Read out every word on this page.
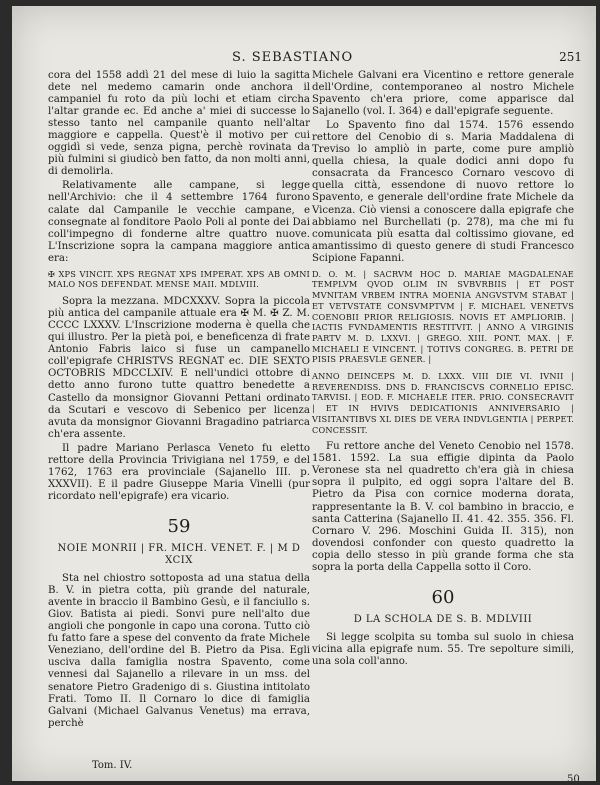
S. SEBASTIANO	251

cora del 1558 addì 21 del mese di luio la sagitta dete nel medemo camarin onde anchora il campaniel fu roto da più lochi et etiam circha l'altar grande ec. Ed anche a' miei di successe lo stesso tanto nel campanile quanto nell'altar maggiore e cappella. Quest'è il motivo per cui oggidì si vede, senza pigna, perchè rovinata da più fulmini si giudicò ben fatto, da non molti anni, di demolirla.

Relativamente alle campane, si legge nell'Archivio: che il 4 settembre 1764 furono calate dal Campanile le vecchie campane, e consegnate al fonditore Paolo Poli al ponte dei Dai coll'impegno di fonderne altre quattro nuove. L'Inscrizione sopra la campana maggiore antica era:

✠ XPS VINCIT. XPS REGNAT XPS IMPERAT. XPS AB OMNI MALO NOS DEFENDAT. MENSE MAII. MDLVIII.

Sopra la mezzana. MDCXXXV. Sopra la piccola più antica del campanile attuale era ✠ M. ✠ Z. M. CCCC LXXXV. L'Inscrizione moderna è quella che qui illustro. Per la pietà poi, e beneficenza di frate Antonio Fabris laico si fuse un campanello coll'epigrafe CHRISTVS REGNAT ec. DIE SEXTO OCTOBRIS MDCCLXIV. E nell'undici ottobre di detto anno furono tutte quattro benedette a Castello da monsignor Giovanni Pettani ordinato da Scutari e vescovo di Sebenico per licenza avuta da monsignor Giovanni Bragadino patriarca ch'era assente.

Il padre Mariano Perlasca Veneto fu eletto rettore della Provincia Trivigiana nel 1759, e del 1762, 1763 era provinciale (Sajanello III. p. XXXVII). E il padre Giuseppe Maria Vinelli (pur ricordato nell'epigrafe) era vicario.

59
NOIE MONRII | FR. MICH. VENET. F. | M D XCIX

Sta nel chiostro sottoposta ad una statua della B. V. in pietra cotta, più grande del naturale, avente in braccio il Bambino Gesù, e il fanciullo s. Giov. Batista ai piedi. Sonvi pure nell'alto due angioli che pongonle in capo una corona. Tutto ciò fu fatto fare a spese del convento da frate Michele Veneziano, dell'ordine del B. Pietro da Pisa. Egli usciva dalla famiglia nostra Spavento, come vennesi dal Sajanello a rilevare in un mss. del senatore Pietro Gradenigo di s. Giustina intitolato Frati. Tomo II. Il Cornaro lo dice di famiglia Galvani (Michael Galvanus Venetus) ma errava, perchè

Michele Galvani era Vicentino e rettore generale dell'Ordine, contemporaneo al nostro Michele Spavento ch'era priore, come apparisce dal Sajanello (vol. I. 364) e dall'epigrafe seguente.

Lo Spavento fino dal 1574. 1576 essendo rettore del Cenobio di s. Maria Maddalena di Treviso lo ampliò in parte, come pure ampliò quella chiesa, la quale dodici anni dopo fu consacrata da Francesco Cornaro vescovo di quella città, essendone di nuovo rettore lo Spavento, e generale dell'ordine frate Michele da Vicenza. Ciò viensi a conoscere dalla epigrafe che abbiamo nel Burchellati (p. 278), ma che mi fu comunicata più esatta dal coltissimo giovane, ed amantissimo di questo genere di studi Francesco Scipione Fapanni.

D. O. M. | SACRVM HOC D. MARIAE MAGDALENAE TEMPLVM QVOD OLIM IN SVBVRBIIS | ET POST MVNITAM VRBEM INTRA MOENIA ANGVSTVM STABAT | ET VETVSTATE CONSVMPTVM | F. MICHAEL VENETVS COENOBII PRIOR RELIGIOSIS. NOVIS ET AMPLIORIB. | IACTIS FVNDAMENTIS RESTITVIT. | ANNO A VIRGINIS PARTV M. D. LXXVI. | GREGO. XIII. PONT. MAX. | F. MICHAELI E VINCENT. | TOTIVS CONGREG. B. PETRI DE PISIS PRAESVLE GENER. |

ANNO DEINCEPS M. D. LXXX. VIII DIE VI. IVNII | REVERENDISS. DNS D. FRANCISCVS CORNELIO EPISC. TARVISI. | EOD. F. MICHAELE ITER. PRIO. CONSECRAVIT | ET IN HVIVS DEDICATIONIS ANNIVERSARIO | VISITANTIBVS XL DIES DE VERA INDVLGENTIA | PERPET. CONCESSIT.

Fu rettore anche del Veneto Cenobio nel 1578. 1581. 1592. La sua effigie dipinta da Paolo Veronese sta nel quadretto ch'era già in chiesa sopra il pulpito, ed oggi sopra l'altare del B. Pietro da Pisa con cornice moderna dorata, rappresentante la B. V. col bambino in braccio, e santa Catterina (Sajanello II. 41. 42. 355. 356. Fl. Cornaro V. 296. Moschini Guida II. 315), non dovendosi confonder con questo quadretto la copia dello stesso in più grande forma che sta sopra la porta della Cappella sotto il Coro.

60
D LA SCHOLA DE S. B. MDLVIII

Si legge scolpita su tomba sul suolo in chiesa vicina alla epigrafe num. 55. Tre sepolture simili, una sola coll'anno.

Tom. IV.
50
